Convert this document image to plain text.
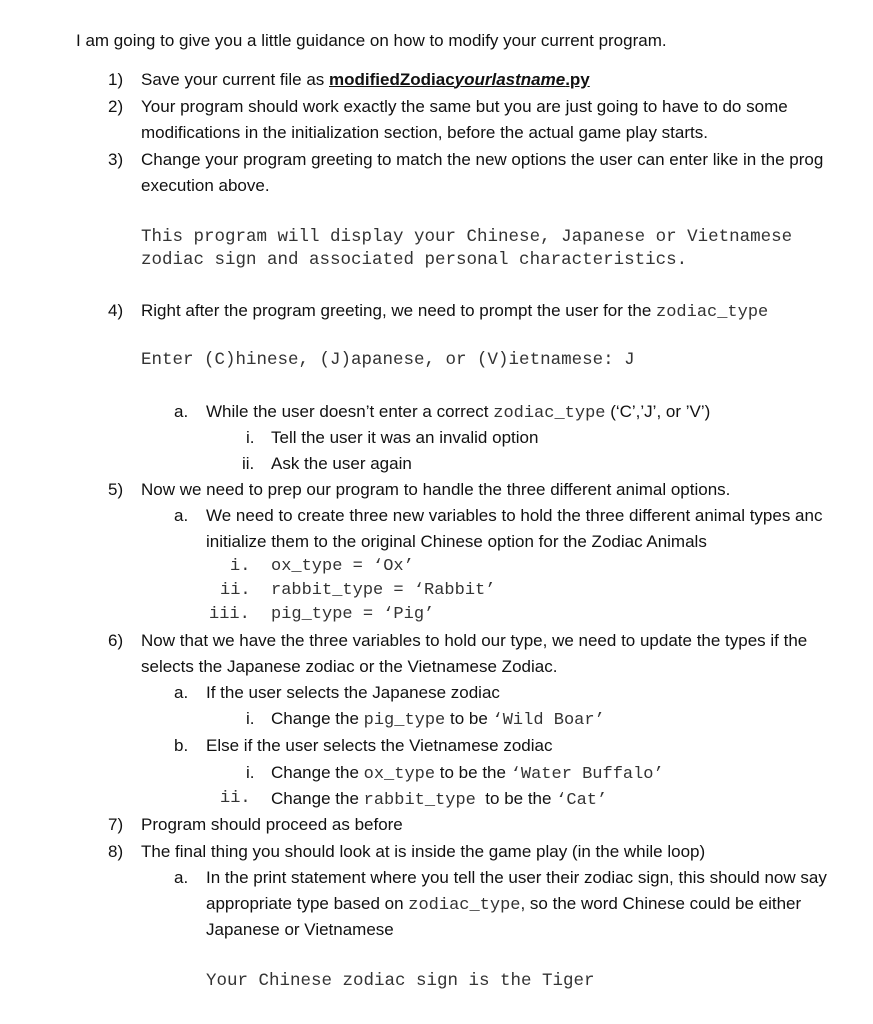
I am going to give you a little guidance on how to modify your current program.
1) Save your current file as modifiedZodiacyourlastname.py
2) Your program should work exactly the same but you are just going to have to do some
modifications in the initialization section, before the actual game play starts.
3) Change your program greeting to match the new options the user can enter like in the prog
execution above.
This program will display your Chinese, Japanese or Vietnamese
zodiac sign and associated personal characteristics.
4) Right after the program greeting, we need to prompt the user for the zodiac_type
Enter (C)hinese, (J)apanese, or (V)ietnamese: J
a. While the user doesn’t enter a correct zodiac_type (‘C’,’J’, or ’V’)
i. Tell the user it was an invalid option
ii. Ask the user again
5) Now we need to prep our program to handle the three different animal options.
a. We need to create three new variables to hold the three different animal types anc
initialize them to the original Chinese option for the Zodiac Animals
i. ox_type = ‘Ox’
ii. rabbit_type = ‘Rabbit’
iii. pig_type = ‘Pig’
6) Now that we have the three variables to hold our type, we need to update the types if the
selects the Japanese zodiac or the Vietnamese Zodiac.
a. If the user selects the Japanese zodiac
i. Change the pig_type to be ‘Wild Boar’
b. Else if the user selects the Vietnamese zodiac
i. Change the ox_type to be the ‘Water Buffalo’
ii. Change the rabbit_type  to be the ‘Cat’
7) Program should proceed as before
8) The final thing you should look at is inside the game play (in the while loop)
a. In the print statement where you tell the user their zodiac sign, this should now say
appropriate type based on zodiac_type, so the word Chinese could be either
Japanese or Vietnamese
Your Chinese zodiac sign is the Tiger
